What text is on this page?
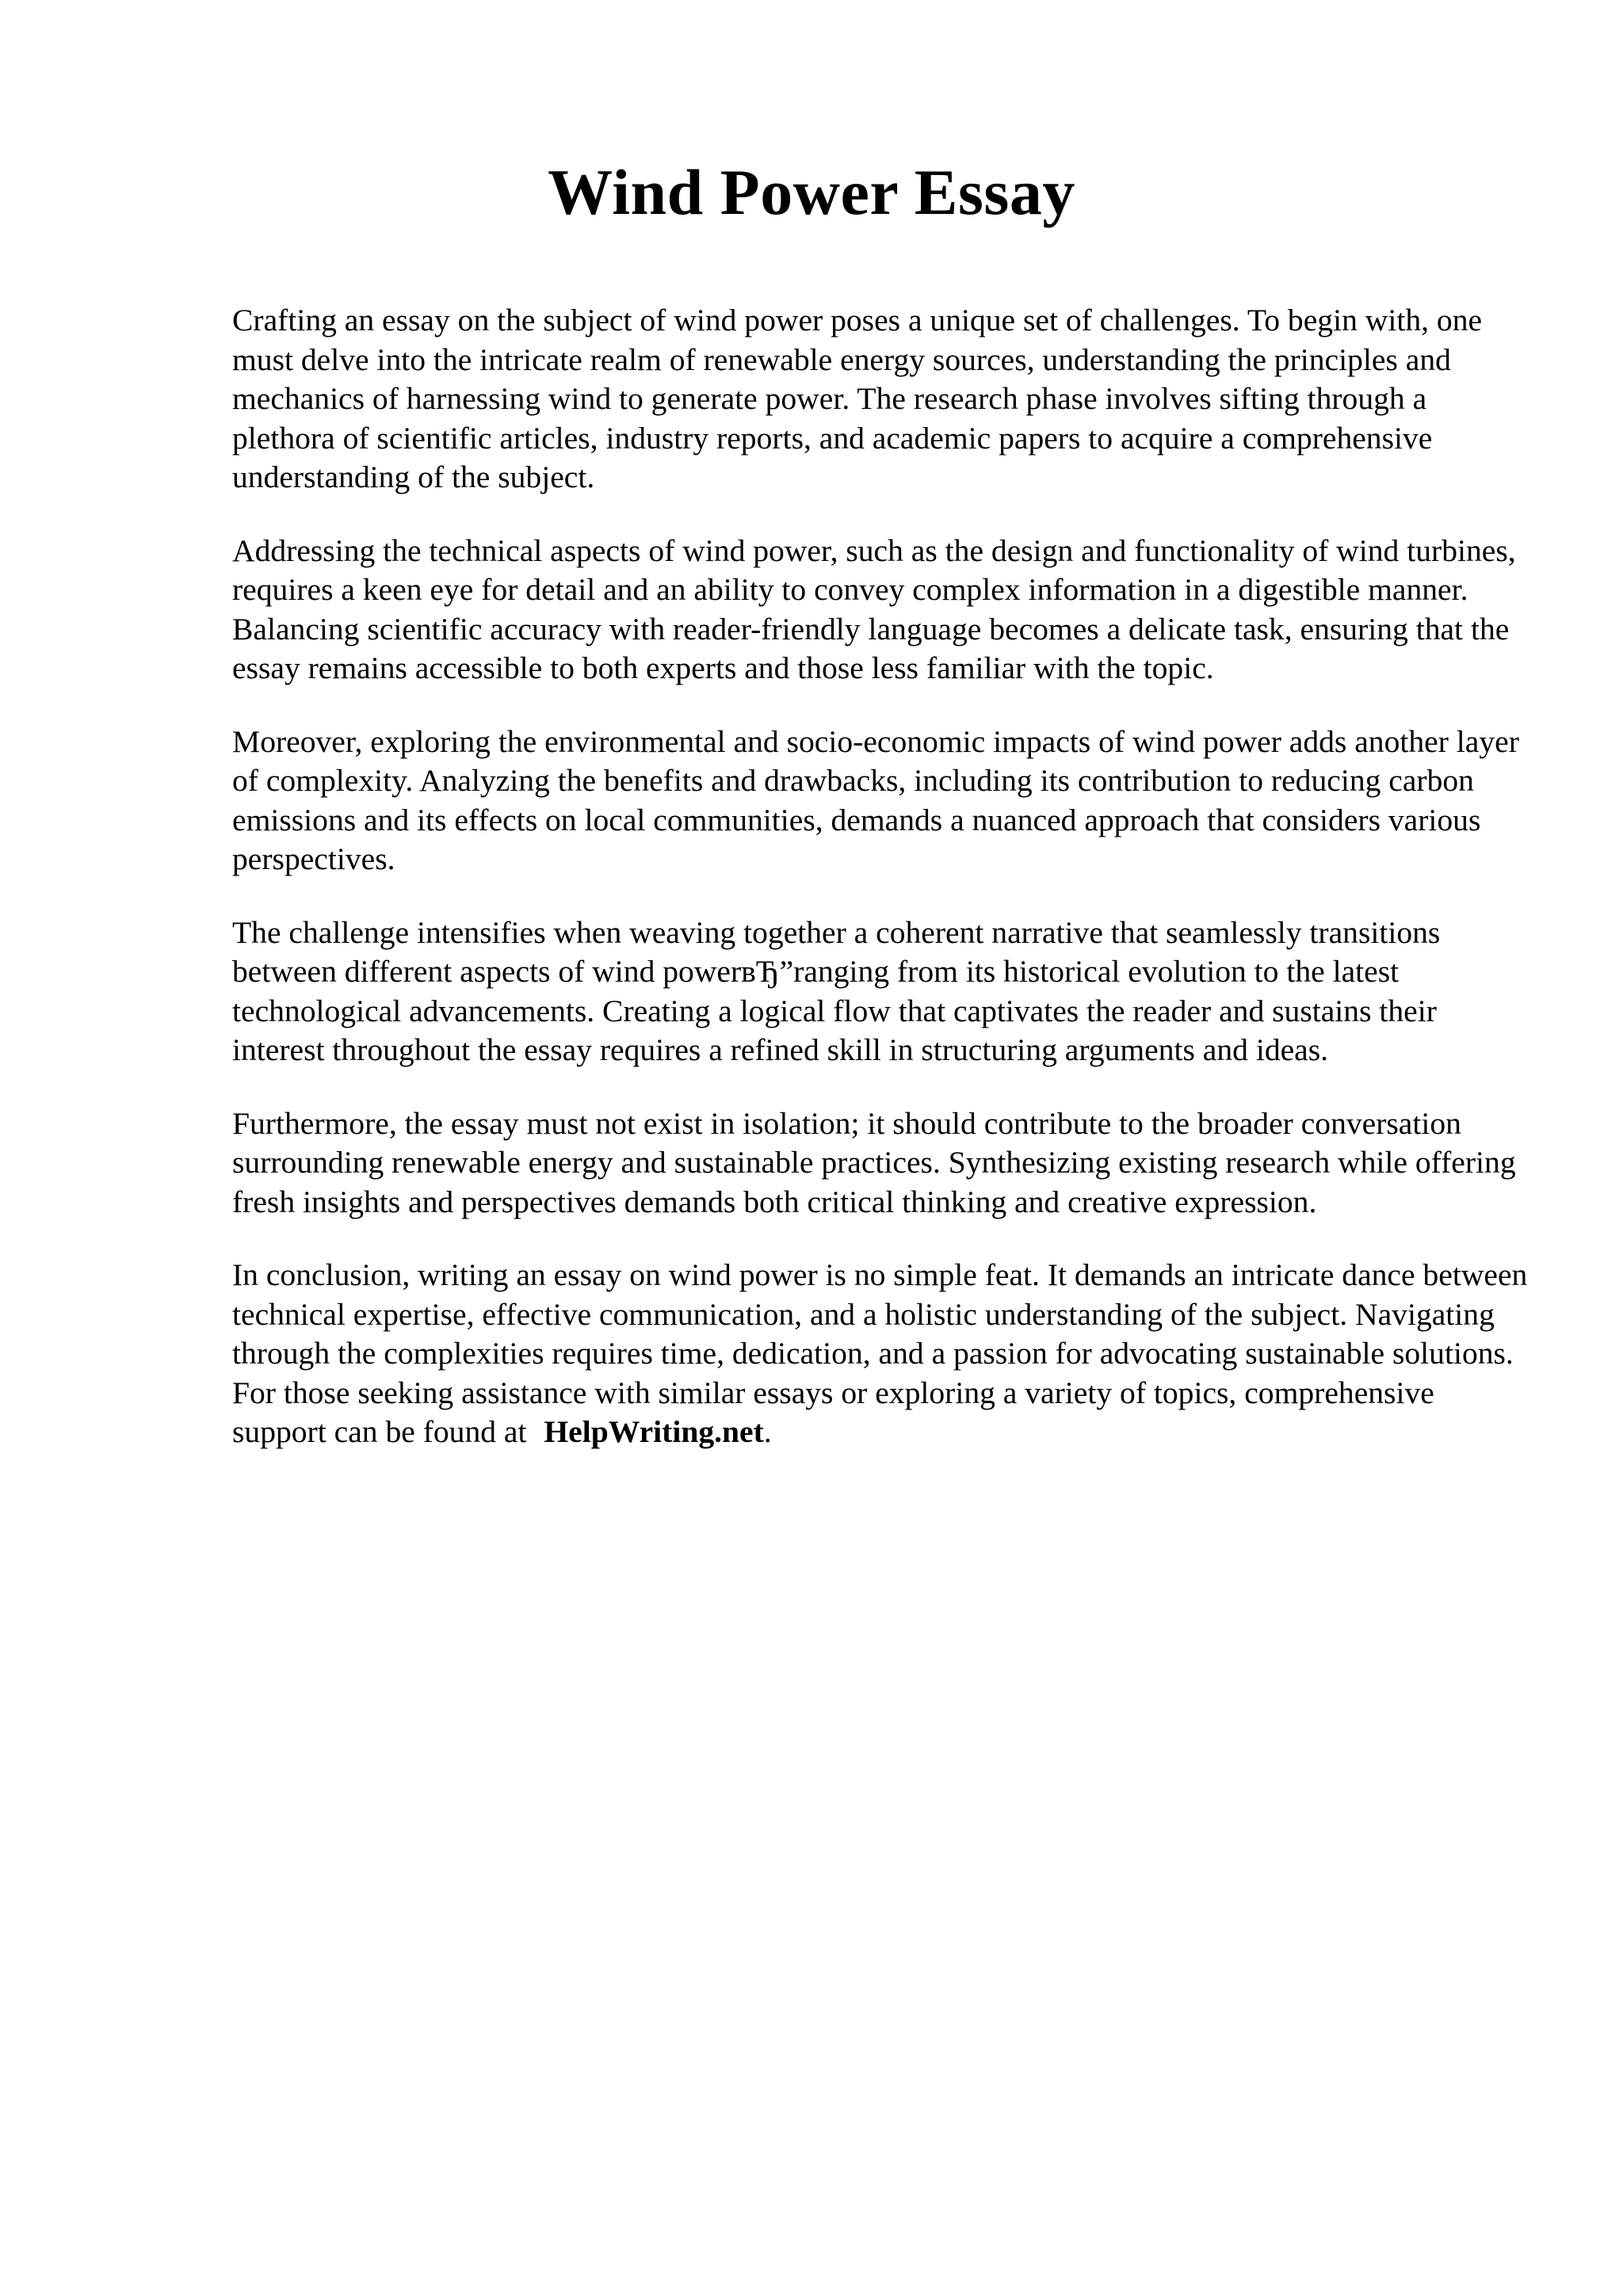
Wind Power Essay

Crafting an essay on the subject of wind power poses a unique set of challenges. To begin with, one must delve into the intricate realm of renewable energy sources, understanding the principles and mechanics of harnessing wind to generate power. The research phase involves sifting through a plethora of scientific articles, industry reports, and academic papers to acquire a comprehensive understanding of the subject.

Addressing the technical aspects of wind power, such as the design and functionality of wind turbines, requires a keen eye for detail and an ability to convey complex information in a digestible manner. Balancing scientific accuracy with reader-friendly language becomes a delicate task, ensuring that the essay remains accessible to both experts and those less familiar with the topic.

Moreover, exploring the environmental and socio-economic impacts of wind power adds another layer of complexity. Analyzing the benefits and drawbacks, including its contribution to reducing carbon emissions and its effects on local communities, demands a nuanced approach that considers various perspectives.

The challenge intensifies when weaving together a coherent narrative that seamlessly transitions between different aspects of wind powerвЂ”ranging from its historical evolution to the latest technological advancements. Creating a logical flow that captivates the reader and sustains their interest throughout the essay requires a refined skill in structuring arguments and ideas.

Furthermore, the essay must not exist in isolation; it should contribute to the broader conversation surrounding renewable energy and sustainable practices. Synthesizing existing research while offering fresh insights and perspectives demands both critical thinking and creative expression.

In conclusion, writing an essay on wind power is no simple feat. It demands an intricate dance between technical expertise, effective communication, and a holistic understanding of the subject. Navigating through the complexities requires time, dedication, and a passion for advocating sustainable solutions. For those seeking assistance with similar essays or exploring a variety of topics, comprehensive support can be found at HelpWriting.net.
